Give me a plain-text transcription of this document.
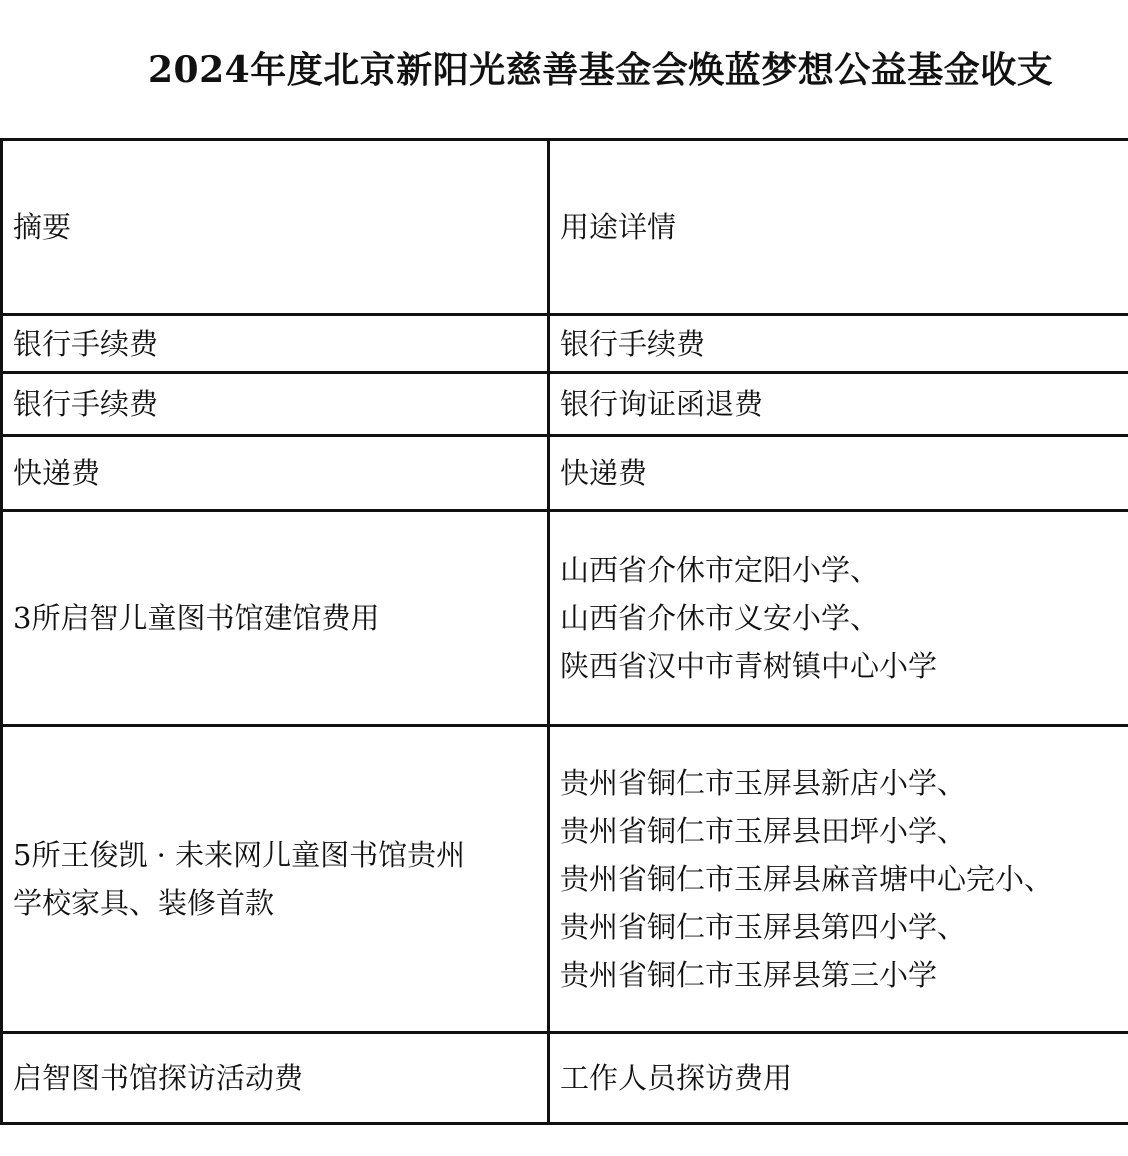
2024年度北京新阳光慈善基金会焕蓝梦想公益基金收支
摘要	用途详情

银行手续费	银行手续费

银行手续费	银行询证函退费

快递费	快递费

3所启智儿童图书馆建馆费用	山西省介休市定阳小学、
山西省介休市义安小学、
陕西省汉中市青树镇中心小学

5所王俊凯 · 未来网儿童图书馆贵州
学校家具、装修首款	贵州省铜仁市玉屏县新店小学、
贵州省铜仁市玉屏县田坪小学、
贵州省铜仁市玉屏县麻音塘中心完小、
贵州省铜仁市玉屏县第四小学、
贵州省铜仁市玉屏县第三小学

启智图书馆探访活动费	工作人员探访费用
